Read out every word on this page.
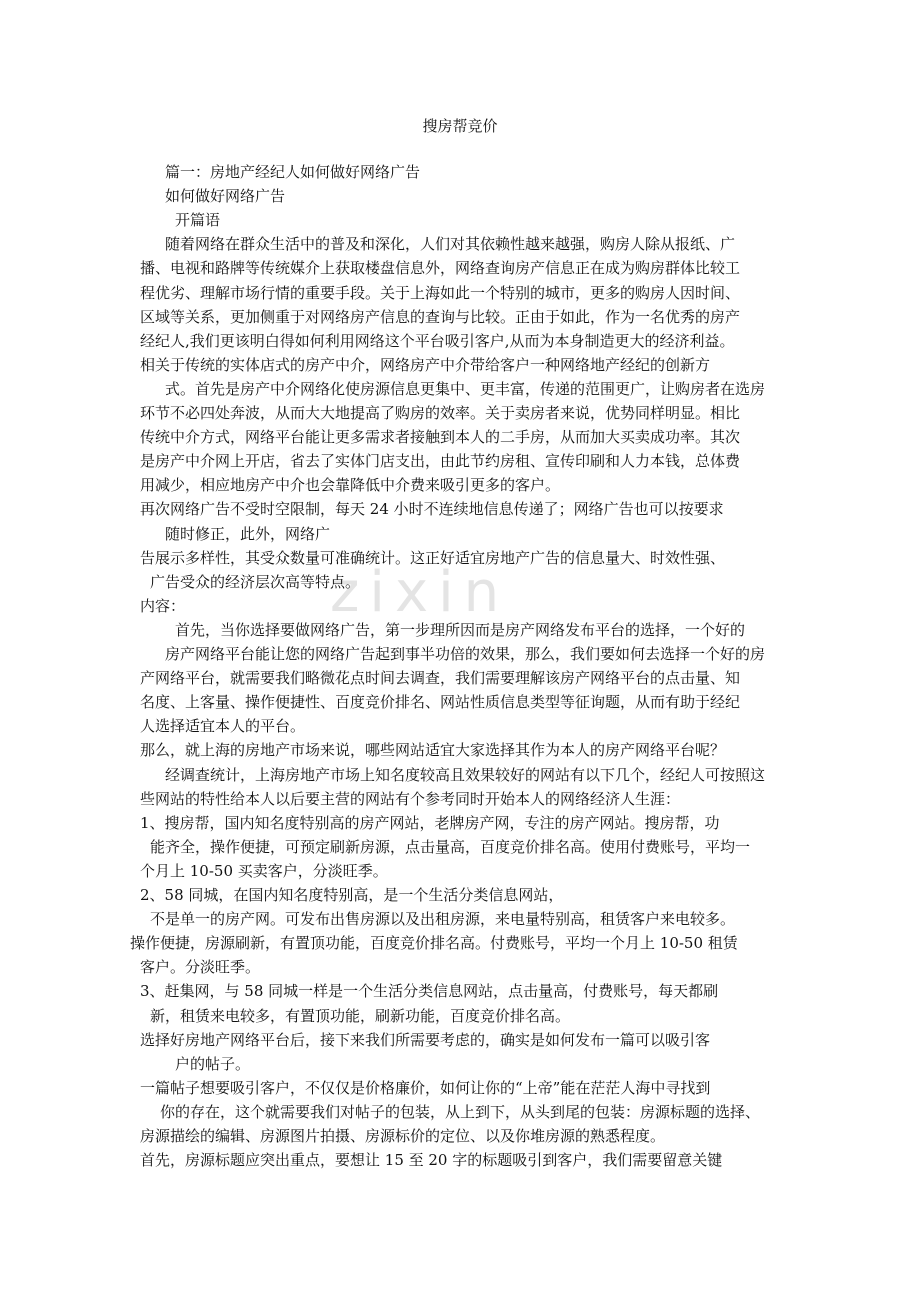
zixin
搜房帮竞价
篇一：房地产经纪人如何做好网络广告
如何做好网络广告
开篇语
随着网络在群众生活中的普及和深化，人们对其依赖性越来越强，购房人除从报纸、广
播、电视和路牌等传统媒介上获取楼盘信息外，网络查询房产信息正在成为购房群体比较工
程优劣、理解市场行情的重要手段。关于上海如此一个特别的城市，更多的购房人因时间、
区域等关系，更加侧重于对网络房产信息的查询与比较。正由于如此，作为一名优秀的房产
经纪人,我们更该明白得如何利用网络这个平台吸引客户,从而为本身制造更大的经济利益。
相关于传统的实体店式的房产中介，网络房产中介带给客户一种网络地产经纪的创新方
式。首先是房产中介网络化使房源信息更集中、更丰富，传递的范围更广，让购房者在选房
环节不必四处奔波，从而大大地提高了购房的效率。关于卖房者来说，优势同样明显。相比
传统中介方式，网络平台能让更多需求者接触到本人的二手房，从而加大买卖成功率。其次
是房产中介网上开店，省去了实体门店支出，由此节约房租、宣传印刷和人力本钱，总体费
用减少，相应地房产中介也会靠降低中介费来吸引更多的客户。
再次网络广告不受时空限制，每天 24 小时不连续地信息传递了；网络广告也可以按要求
随时修正，此外，网络广
告展示多样性，其受众数量可准确统计。这正好适宜房地产广告的信息量大、时效性强、
广告受众的经济层次高等特点。
内容：
首先，当你选择要做网络广告，第一步理所因而是房产网络发布平台的选择，一个好的
房产网络平台能让您的网络广告起到事半功倍的效果，那么，我们要如何去选择一个好的房
产网络平台，就需要我们略微花点时间去调查，我们需要理解该房产网络平台的点击量、知
名度、上客量、操作便捷性、百度竞价排名、网站性质信息类型等征询题，从而有助于经纪
人选择适宜本人的平台。
那么，就上海的房地产市场来说，哪些网站适宜大家选择其作为本人的房产网络平台呢？
经调查统计，上海房地产市场上知名度较高且效果较好的网站有以下几个，经纪人可按照这
些网站的特性给本人以后要主营的网站有个参考同时开始本人的网络经济人生涯：
1、搜房帮，国内知名度特别高的房产网站，老牌房产网，专注的房产网站。搜房帮，功
能齐全，操作便捷，可预定刷新房源，点击量高，百度竞价排名高。使用付费账号，平均一
个月上 10-50 买卖客户，分淡旺季。
2、58 同城，在国内知名度特别高，是一个生活分类信息网站，
不是单一的房产网。可发布出售房源以及出租房源，来电量特别高，租赁客户来电较多。
操作便捷，房源刷新，有置顶功能，百度竞价排名高。付费账号，平均一个月上 10-50 租赁
客户。分淡旺季。
3、赶集网，与 58 同城一样是一个生活分类信息网站，点击量高，付费账号，每天都刷
新，租赁来电较多，有置顶功能，刷新功能，百度竞价排名高。
选择好房地产网络平台后，接下来我们所需要考虑的，确实是如何发布一篇可以吸引客
户的帖子。
一篇帖子想要吸引客户，不仅仅是价格廉价，如何让你的“上帝”能在茫茫人海中寻找到
你的存在，这个就需要我们对帖子的包装，从上到下，从头到尾的包装：房源标题的选择、
房源描绘的编辑、房源图片拍摄、房源标价的定位、以及你堆房源的熟悉程度。
首先，房源标题应突出重点，要想让 15 至 20 字的标题吸引到客户，我们需要留意关键
